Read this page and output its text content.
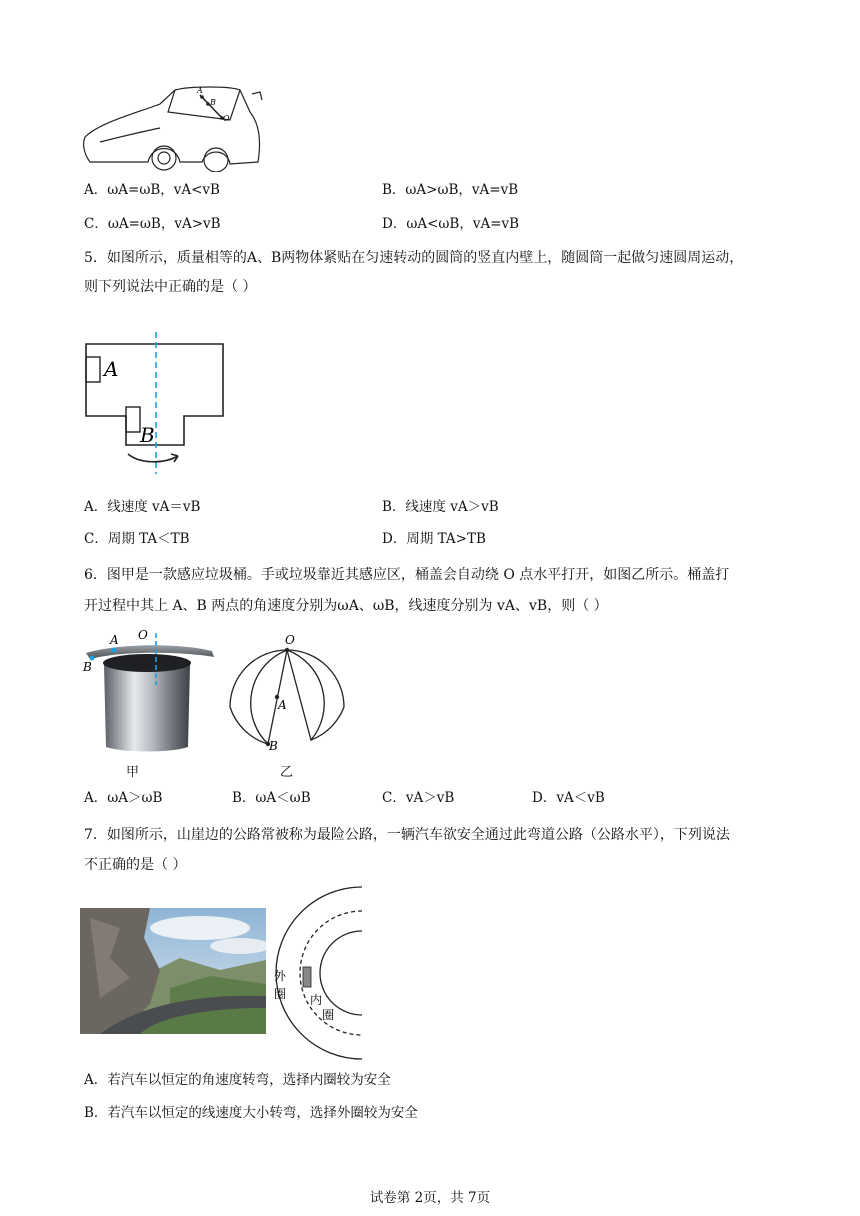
A
B
O
A．ωA=ωB，vA<vB	B．ωA>ωB，vA=vB
C．ωA=ωB，vA>vB	D．ωA<ωB，vA=vB
5．如图所示，质量相等的A、B两物体紧贴在匀速转动的圆筒的竖直内壁上，随圆筒一起做匀速圆周运动，
则下列说法中正确的是（ ）
A
B
A．线速度 vA＝vB	B．线速度 vA＞vB
C．周期 TA＜TB	D．周期 TA>TB
6．图甲是一款感应垃圾桶。手或垃圾靠近其感应区，桶盖会自动绕 O 点水平打开，如图乙所示。桶盖打
开过程中其上 A、B 两点的角速度分别为ωA、ωB，线速度分别为 vA、vB，则（ ）
A O
B
甲
O
A
B
乙
A．ωA＞ωB	B．ωA＜ωB	C．vA＞vB	D．vA＜vB
7．如图所示，山崖边的公路常被称为最险公路，一辆汽车欲安全通过此弯道公路（公路水平），下列说法
不正确的是（ ）
外
圈 内
圈
A．若汽车以恒定的角速度转弯，选择内圈较为安全
B．若汽车以恒定的线速度大小转弯，选择外圈较为安全
试卷第 2页，共 7页
